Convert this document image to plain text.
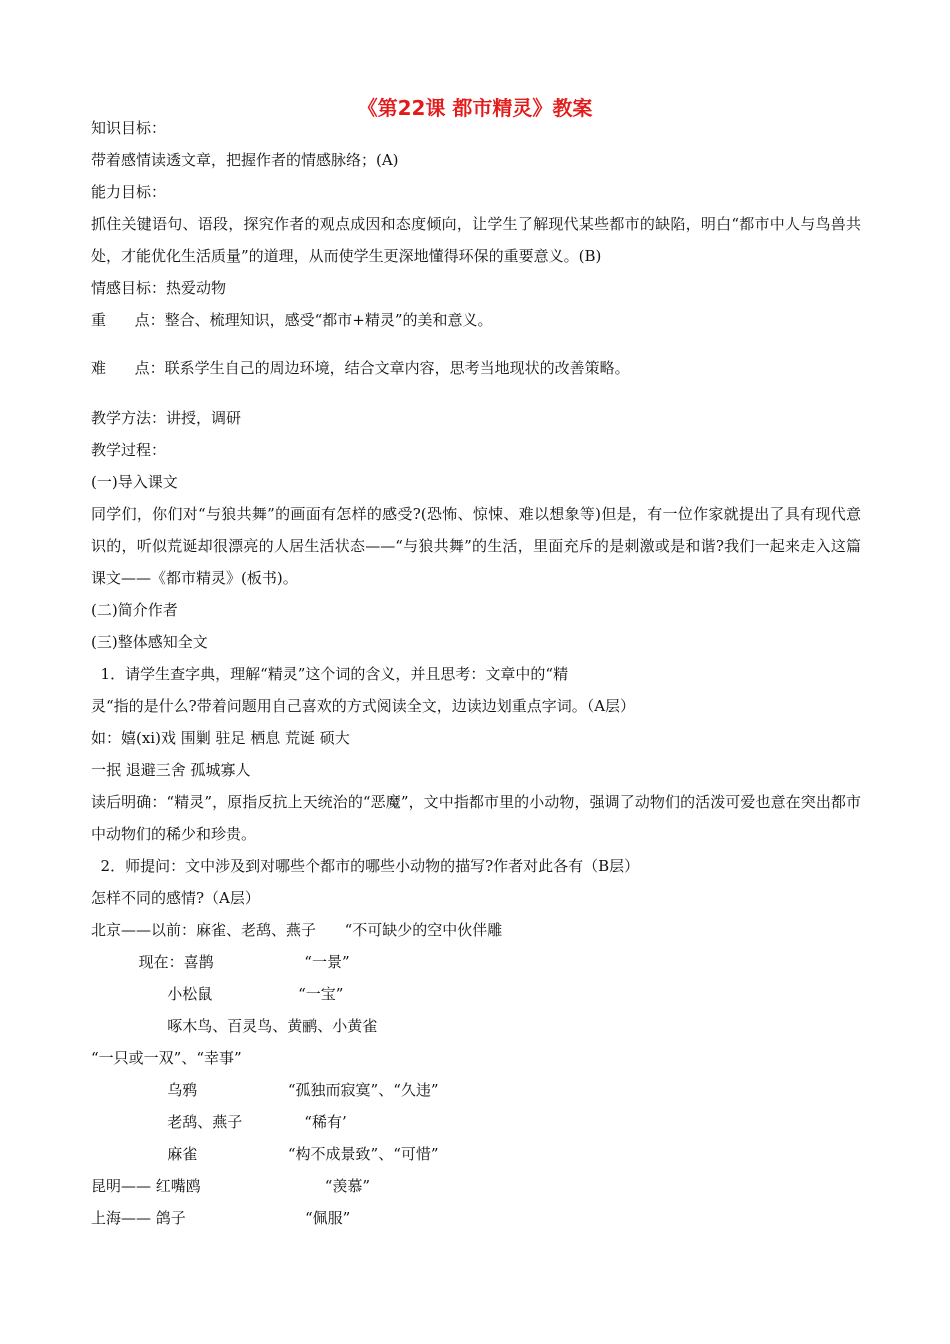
《第22课 都市精灵》教案
知识目标：
带着感情读透文章，把握作者的情感脉络；(A)
能力目标：
抓住关键语句、语段，探究作者的观点成因和态度倾向，让学生了解现代某些都市的缺陷，明白“都市中人与鸟兽共处，才能优化生活质量”的道理，从而使学生更深地懂得环保的重要意义。(B)
情感目标：热爱动物
重      点：整合、梳理知识，感受“都市+精灵”的美和意义。
难      点：联系学生自己的周边环境，结合文章内容，思考当地现状的改善策略。
教学方法：讲授，调研
教学过程：
(一)导入课文
同学们，你们对“与狼共舞”的画面有怎样的感受?(恐怖、惊悚、难以想象等)但是，有一位作家就提出了具有现代意识的，听似荒诞却很漂亮的人居生活状态——“与狼共舞”的生活，里面充斥的是刺激或是和谐?我们一起来走入这篇课文——《都市精灵》(板书)。
(二)简介作者
(三)整体感知全文
1．请学生查字典，理解“精灵”这个词的含义，并且思考：文章中的“精
灵“指的是什么?带着问题用自己喜欢的方式阅读全文，边读边划重点字词。（A层）
如：嬉(xi)戏 围剿 驻足 栖息 荒诞 硕大
一抿 退避三舍 孤城寡人
读后明确：“精灵”，原指反抗上天统治的“恶魔”，文中指都市里的小动物，强调了动物们的活泼可爱也意在突出都市中动物们的稀少和珍贵。
2．师提问：文中涉及到对哪些个都市的哪些小动物的描写?作者对此各有（B层）
怎样不同的感情?（A层）
北京——以前：麻雀、老鸹、燕子      “不可缺少的空中伙伴雕
现在：喜鹊                   “一景”
小松鼠                  “一宝”
啄木鸟、百灵鸟、黄鹂、小黄雀
“一只或一双”、“幸事”
乌鸦                   “孤独而寂寞”、“久违”
老鸹、燕子             “稀有’
麻雀                   “构不成景致”、“可惜”
昆明—— 红嘴鸥                          “羡慕”
上海—— 鸽子                         “佩服”
